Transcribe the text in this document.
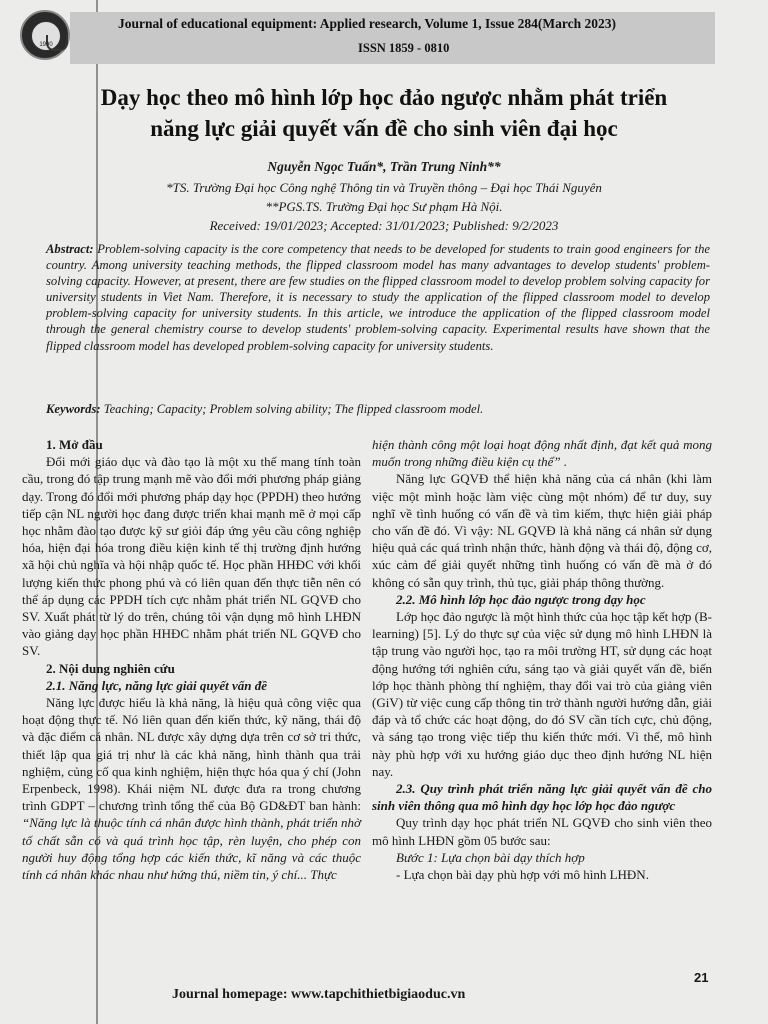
1990
Journal of educational equipment: Applied research, Volume 1, Issue 284(March 2023)
ISSN 1859 - 0810
Dạy học theo mô hình lớp học đảo ngược nhằm phát triển
năng lực giải quyết vấn đề cho sinh viên đại học
Nguyễn Ngọc Tuấn*, Trần Trung Ninh**
*TS. Trường Đại học Công nghệ Thông tin và Truyền thông – Đại học Thái Nguyên
**PGS.TS. Trường Đại học Sư phạm Hà Nội.
Received: 19/01/2023; Accepted: 31/01/2023; Published: 9/2/2023
Abstract: Problem-solving capacity is the core competency that needs to be developed for students to train good engineers for the country. Among university teaching methods, the flipped classroom model has many advantages to develop students' problem-solving capacity. However, at present, there are few studies on the flipped classroom model to develop problem solving capacity for university students in Viet Nam. Therefore, it is necessary to study the application of the flipped classroom model to develop problem-solving capacity for university students. In this article, we introduce the application of the flipped classroom model through the general chemistry course to develop students' problem-solving capacity. Experimental results have shown that the flipped classroom model has developed problem-solving capacity for university students.
Keywords: Teaching; Capacity; Problem solving ability; The flipped classroom model.

1. Mở đầu

Đổi mới giáo dục và đào tạo là một xu thế mang tính toàn cầu, trong đó tập trung mạnh mẽ vào đổi mới phương pháp giảng dạy. Trong đó đổi mới phương pháp dạy học (PPDH) theo hướng tiếp cận NL người học đang được triển khai mạnh mẽ ở mọi cấp học nhằm đào tạo được kỹ sư giỏi đáp ứng yêu cầu công nghiệp hóa, hiện đại hóa trong điều kiện kinh tế thị trường định hướng xã hội chủ nghĩa và hội nhập quốc tế. Học phần HHĐC với khối lượng kiến thức phong phú và có liên quan đến thực tiễn nên có thể áp dụng các PPDH tích cực nhằm phát triển NL GQVĐ cho SV. Xuất phát từ lý do trên, chúng tôi vận dụng mô hình LHĐN vào giảng dạy học phần HHĐC nhằm phát triển NL GQVĐ cho SV.

2. Nội dung nghiên cứu

2.1. Năng lực, năng lực giải quyết vấn đề

Năng lực được hiểu là khả năng, là hiệu quả công việc qua hoạt động thực tế. Nó liên quan đến kiến thức, kỹ năng, thái độ và đặc điểm cá nhân. NL được xây dựng dựa trên cơ sở tri thức, thiết lập qua giá trị như là các khả năng, hình thành qua trải nghiệm, củng cố qua kinh nghiệm, hiện thực hóa qua ý chí (John Erpenbeck, 1998). Khái niệm NL được đưa ra trong chương trình GDPT – chương trình tổng thể của Bộ GD&ĐT ban hành: “Năng lực là thuộc tính cá nhân được hình thành, phát triển nhờ tố chất sẵn có và quá trình học tập, rèn luyện, cho phép con người huy động tổng hợp các kiến thức, kĩ năng và các thuộc tính cá nhân khác nhau như hứng thú, niềm tin, ý chí... Thực

hiện thành công một loại hoạt động nhất định, đạt kết quả mong muốn trong những điều kiện cụ thể” .

Năng lực GQVĐ thể hiện khả năng của cá nhân (khi làm việc một mình hoặc làm việc cùng một nhóm) để tư duy, suy nghĩ về tình huống có vấn đề và tìm kiếm, thực hiện giải pháp cho vấn đề đó. Vì vậy: NL GQVĐ là khả năng cá nhân sử dụng hiệu quả các quá trình nhận thức, hành động và thái độ, động cơ, xúc cảm để giải quyết những tình huống có vấn đề mà ở đó không có sẵn quy trình, thủ tục, giải pháp thông thường.

2.2. Mô hình lớp học đảo ngược trong dạy học

Lớp học đảo ngược là một hình thức của học tập kết hợp (B-learning) [5]. Lý do thực sự của việc sử dụng mô hình LHĐN là tập trung vào người học, tạo ra môi trường HT, sử dụng các hoạt động hướng tới nghiên cứu, sáng tạo và giải quyết vấn đề, biến lớp học thành phòng thí nghiệm, thay đổi vai trò của giảng viên (GiV) từ việc cung cấp thông tin trở thành người hướng dẫn, giải đáp và tổ chức các hoạt động, do đó SV cần tích cực, chủ động, và sáng tạo trong việc tiếp thu kiến thức mới. Vì thế, mô hình này phù hợp với xu hướng giáo dục theo định hướng NL hiện nay.

2.3. Quy trình phát triển năng lực giải quyết vấn đề cho sinh viên thông qua mô hình dạy học lớp học đảo ngược

Quy trình dạy học phát triển NL GQVĐ cho sinh viên theo mô hình LHĐN gồm 05 bước sau:

Bước 1: Lựa chọn bài dạy thích hợp

- Lựa chọn bài dạy phù hợp với mô hình LHĐN.

21
Journal homepage: www.tapchithietbigiaoduc.vn
